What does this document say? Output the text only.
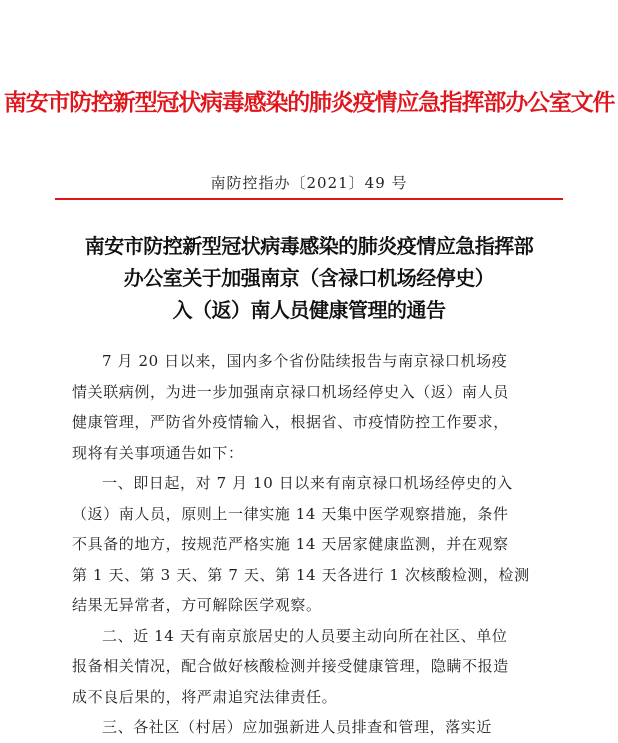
南安市防控新型冠状病毒感染的肺炎疫情应急指挥部办公室文件
南防控指办〔2021〕49 号
南安市防控新型冠状病毒感染的肺炎疫情应急指挥部
办公室关于加强南京（含禄口机场经停史）
入（返）南人员健康管理的通告
7 月 20 日以来，国内多个省份陆续报告与南京禄口机场疫
情关联病例，为进一步加强南京禄口机场经停史入（返）南人员
健康管理，严防省外疫情输入，根据省、市疫情防控工作要求，
现将有关事项通告如下：
一、即日起，对 7 月 10 日以来有南京禄口机场经停史的入
（返）南人员，原则上一律实施 14 天集中医学观察措施，条件
不具备的地方，按规范严格实施 14 天居家健康监测，并在观察
第 1 天、第 3 天、第 7 天、第 14 天各进行 1 次核酸检测，检测
结果无异常者，方可解除医学观察。
二、近 14 天有南京旅居史的人员要主动向所在社区、单位
报备相关情况，配合做好核酸检测并接受健康管理，隐瞒不报造
成不良后果的，将严肃追究法律责任。
三、各社区（村居）应加强新进人员排查和管理，落实近
